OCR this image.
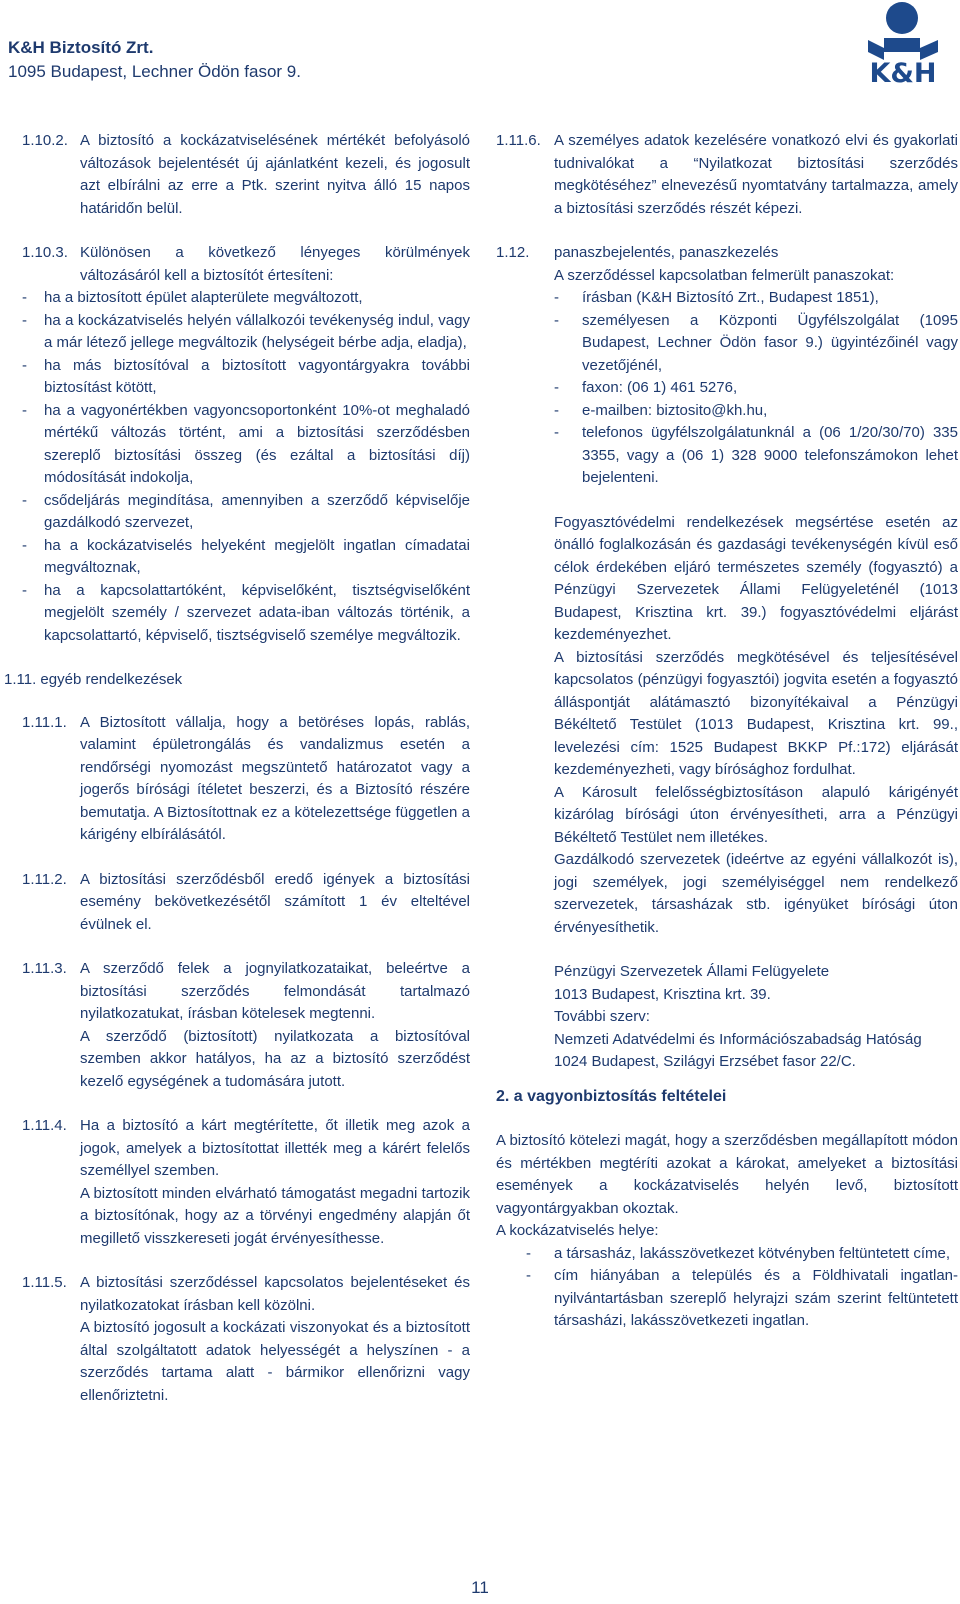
K&H Biztosító Zrt.
1095 Budapest, Lechner Ödön fasor 9.	K&H
1.10.2. A biztosító a kockázatviselésének mértékét befolyásoló változások bejelentését új ajánlatként kezeli, és jogosult azt elbírálni az erre a Ptk. szerint nyitva álló 15 napos határidőn belül.

1.10.3. Különösen a következő lényeges körülmények változásáról kell a biztosítót értesíteni:

-	ha a biztosított épület alapterülete megváltozott,
-	ha a kockázatviselés helyén vállalkozói tevékenység indul, vagy a már létező jellege megváltozik (helységeit bérbe adja, eladja),
-	ha más biztosítóval a biztosított vagyontárgyakra további biztosítást kötött,
-	ha a vagyonértékben vagyoncsoportonként 10%-ot meghaladó mértékű változás történt, ami a biztosítási szerződésben szereplő biztosítási összeg (és ezáltal a biztosítási díj) módosítását indokolja,
-	csődeljárás megindítása, amennyiben a szerződő képviselője gazdálkodó szervezet,
-	ha a kockázatviselés helyeként megjelölt ingatlan címadatai megváltoznak,
-	ha a kapcsolattartóként, képviselőként, tisztségviselőként megjelölt személy / szervezet adata-iban változás történik, a kapcsolattartó, képviselő, tisztségviselő személye megváltozik.
1.11. egyéb rendelkezések
1.11.1. A Biztosított vállalja, hogy a betöréses lopás, rablás, valamint épületrongálás és vandalizmus esetén a rendőrségi nyomozást megszüntető határozatot vagy a jogerős bírósági ítéletet beszerzi, és a Biztosító részére bemutatja. A Biztosítottnak ez a kötelezettsége független a kárigény elbírálásától.

1.11.2. A biztosítási szerződésből eredő igények a biztosítási esemény bekövetkezésétől számított 1 év elteltével évülnek el.

1.11.3. A szerződő felek a jognyilatkozataikat, beleértve a biztosítási szerződés felmondását tartalmazó nyilatkozatukat, írásban kötelesek megtenni.

A szerződő (biztosított) nyilatkozata a biztosítóval szemben akkor hatályos, ha az a biztosító szerződést kezelő egységének a tudomására jutott.

1.11.4. Ha a biztosító a kárt megtérítette, őt illetik meg azok a jogok, amelyek a biztosítottat illették meg a kárért felelős személlyel szemben.

A biztosított minden elvárható támogatást megadni tartozik a biztosítónak, hogy az a törvényi engedmény alapján őt megillető visszkereseti jogát érvényesíthesse.

1.11.5. A biztosítási szerződéssel kapcsolatos bejelentéseket és nyilatkozatokat írásban kell közölni.

A biztosító jogosult a kockázati viszonyokat és a biztosított által szolgáltatott adatok helyességét a helyszínen - a szerződés tartama alatt - bármikor ellenőrizni vagy ellenőriztetni.

1.11.6. A személyes adatok kezelésére vonatkozó elvi és gyakorlati tudnivalókat a “Nyilatkozat biztosítási szerződés megkötéséhez” elnevezésű nyomtatvány tartalmazza, amely a biztosítási szerződés részét képezi.

1.12.	panaszbejelentés, panaszkezelés

A szerződéssel kapcsolatban felmerült panaszokat:

-	írásban (K&H Biztosító Zrt., Budapest 1851),
-	személyesen a Központi Ügyfélszolgálat (1095 Budapest, Lechner Ödön fasor 9.) ügyintézőinél vagy vezetőjénél,
-	faxon: (06 1) 461 5276,
-	e-mailben: biztosito@kh.hu,
-	telefonos ügyfélszolgálatunknál a (06 1/20/30/70) 335 3355, vagy a (06 1) 328 9000 telefonszámokon lehet bejelenteni.

Fogyasztóvédelmi rendelkezések megsértése esetén az önálló foglalkozásán és gazdasági tevékenységén kívül eső célok érdekében eljáró természetes személy (fogyasztó) a Pénzügyi Szervezetek Állami Felügyeleténél (1013 Budapest, Krisztina krt. 39.) fogyasztóvédelmi eljárást kezdeményezhet.

A biztosítási szerződés megkötésével és teljesítésével kapcsolatos (pénzügyi fogyasztói) jogvita esetén a fogyasztó álláspontját alátámasztó bizonyítékaival a Pénzügyi Békéltető Testület (1013 Budapest, Krisztina krt. 99., levelezési cím: 1525 Budapest BKKP Pf.:172) eljárását kezdeményezheti, vagy bírósághoz fordulhat.

A Károsult felelősségbiztosításon alapuló kárigényét kizárólag bírósági úton érvényesítheti, arra a Pénzügyi Békéltető Testület nem illetékes.

Gazdálkodó szervezetek (ideértve az egyéni vállalkozót is), jogi személyek, jogi személyiséggel nem rendelkező szervezetek, társasházak stb. igényüket bírósági úton érvényesíthetik.

Pénzügyi Szervezetek Állami Felügyelete

1013 Budapest, Krisztina krt. 39.

További szerv:

Nemzeti Adatvédelmi és Információszabadság Hatóság

1024 Budapest, Szilágyi Erzsébet fasor 22/C.

2. a vagyonbiztosítás feltételei

A biztosító kötelezi magát, hogy a szerződésben megállapított módon és mértékben megtéríti azokat a károkat, amelyeket a biztosítási események a kockázatviselés helyén levő, biztosított vagyontárgyakban okoztak.

A kockázatviselés helye:

-	a társasház, lakásszövetkezet kötvényben feltüntetett címe,
-	cím hiányában a település és a Földhivatali ingatlan-nyilvántartásban szereplő helyrajzi szám szerint feltüntetett társasházi, lakásszövetkezeti ingatlan.
11
